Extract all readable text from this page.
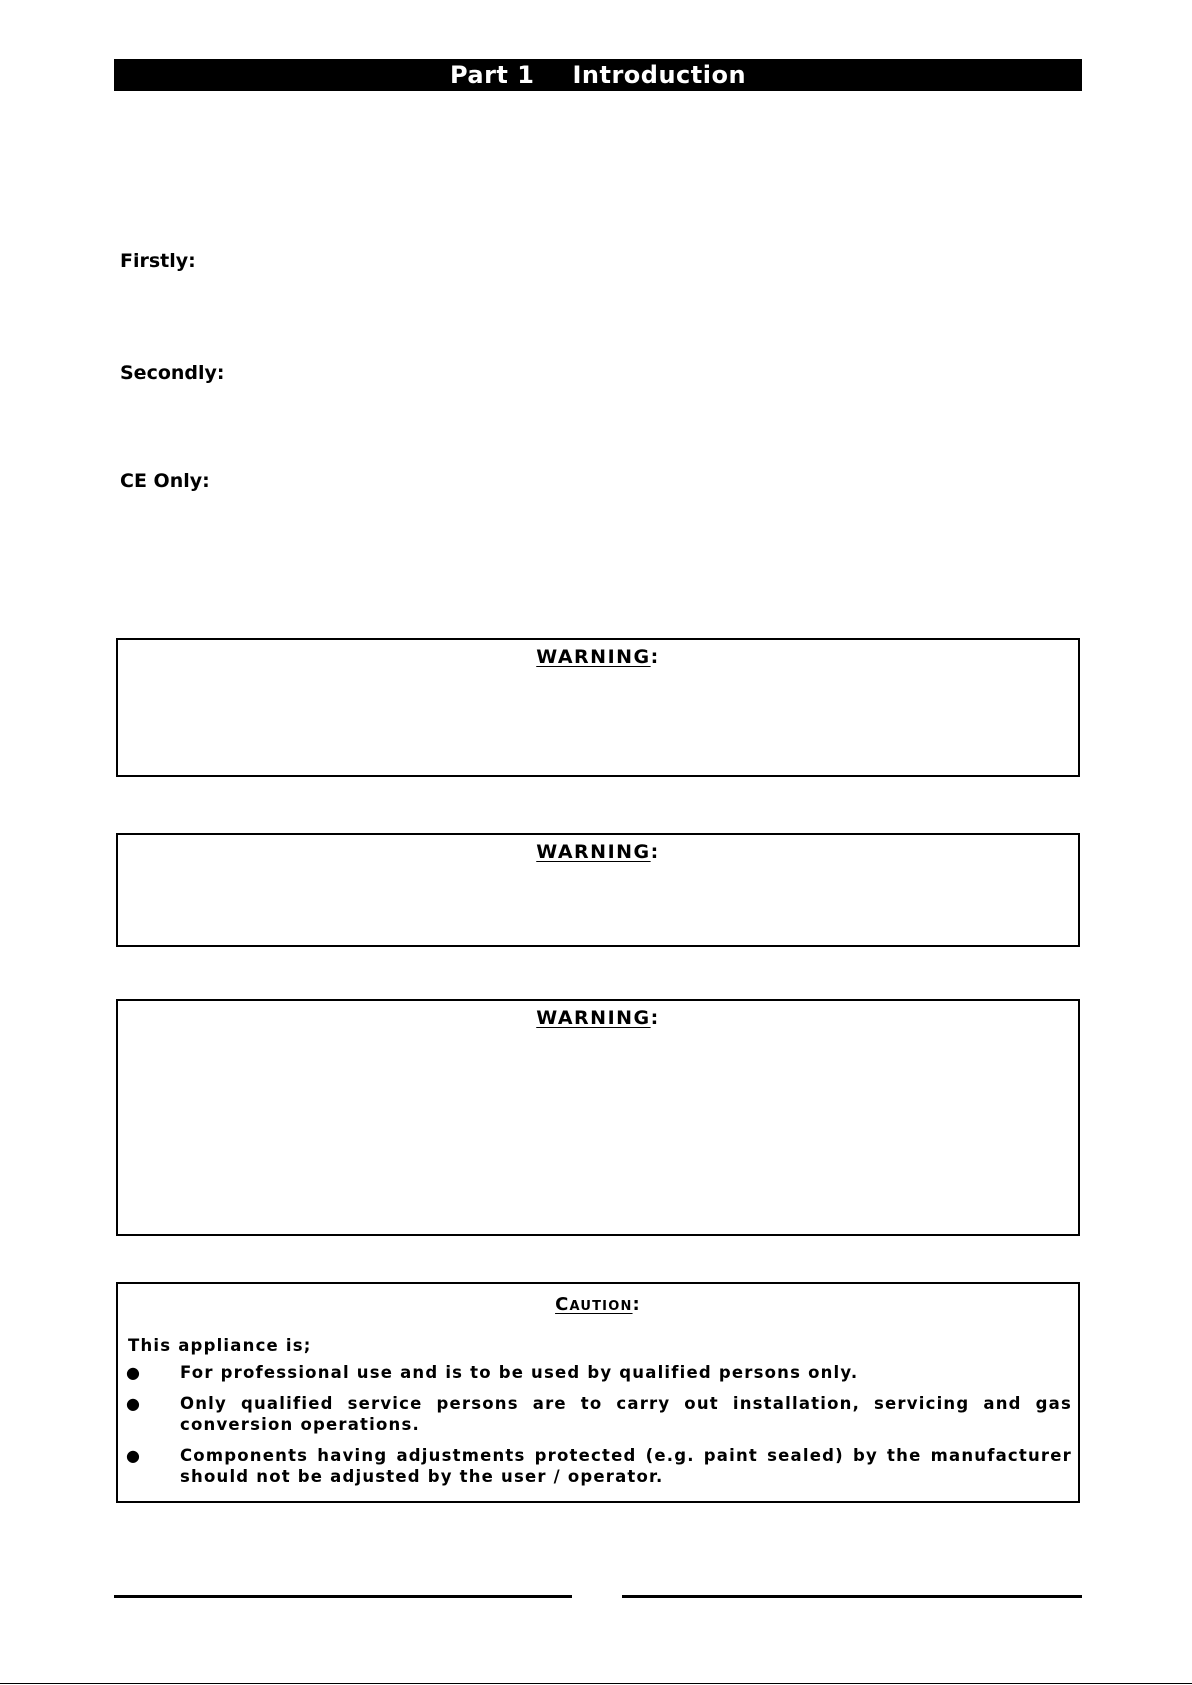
Part 1 Introduction
Firstly:
Secondly:
CE Only:
WARNING:
WARNING:
WARNING:
Caution:
This appliance is;
● For professional use and is to be used by qualified persons only.
● Only qualified service persons are to carry out installation, servicing and gas conversion operations.
● Components having adjustments protected (e.g. paint sealed) by the manufacturer should not be adjusted by the user / operator.
